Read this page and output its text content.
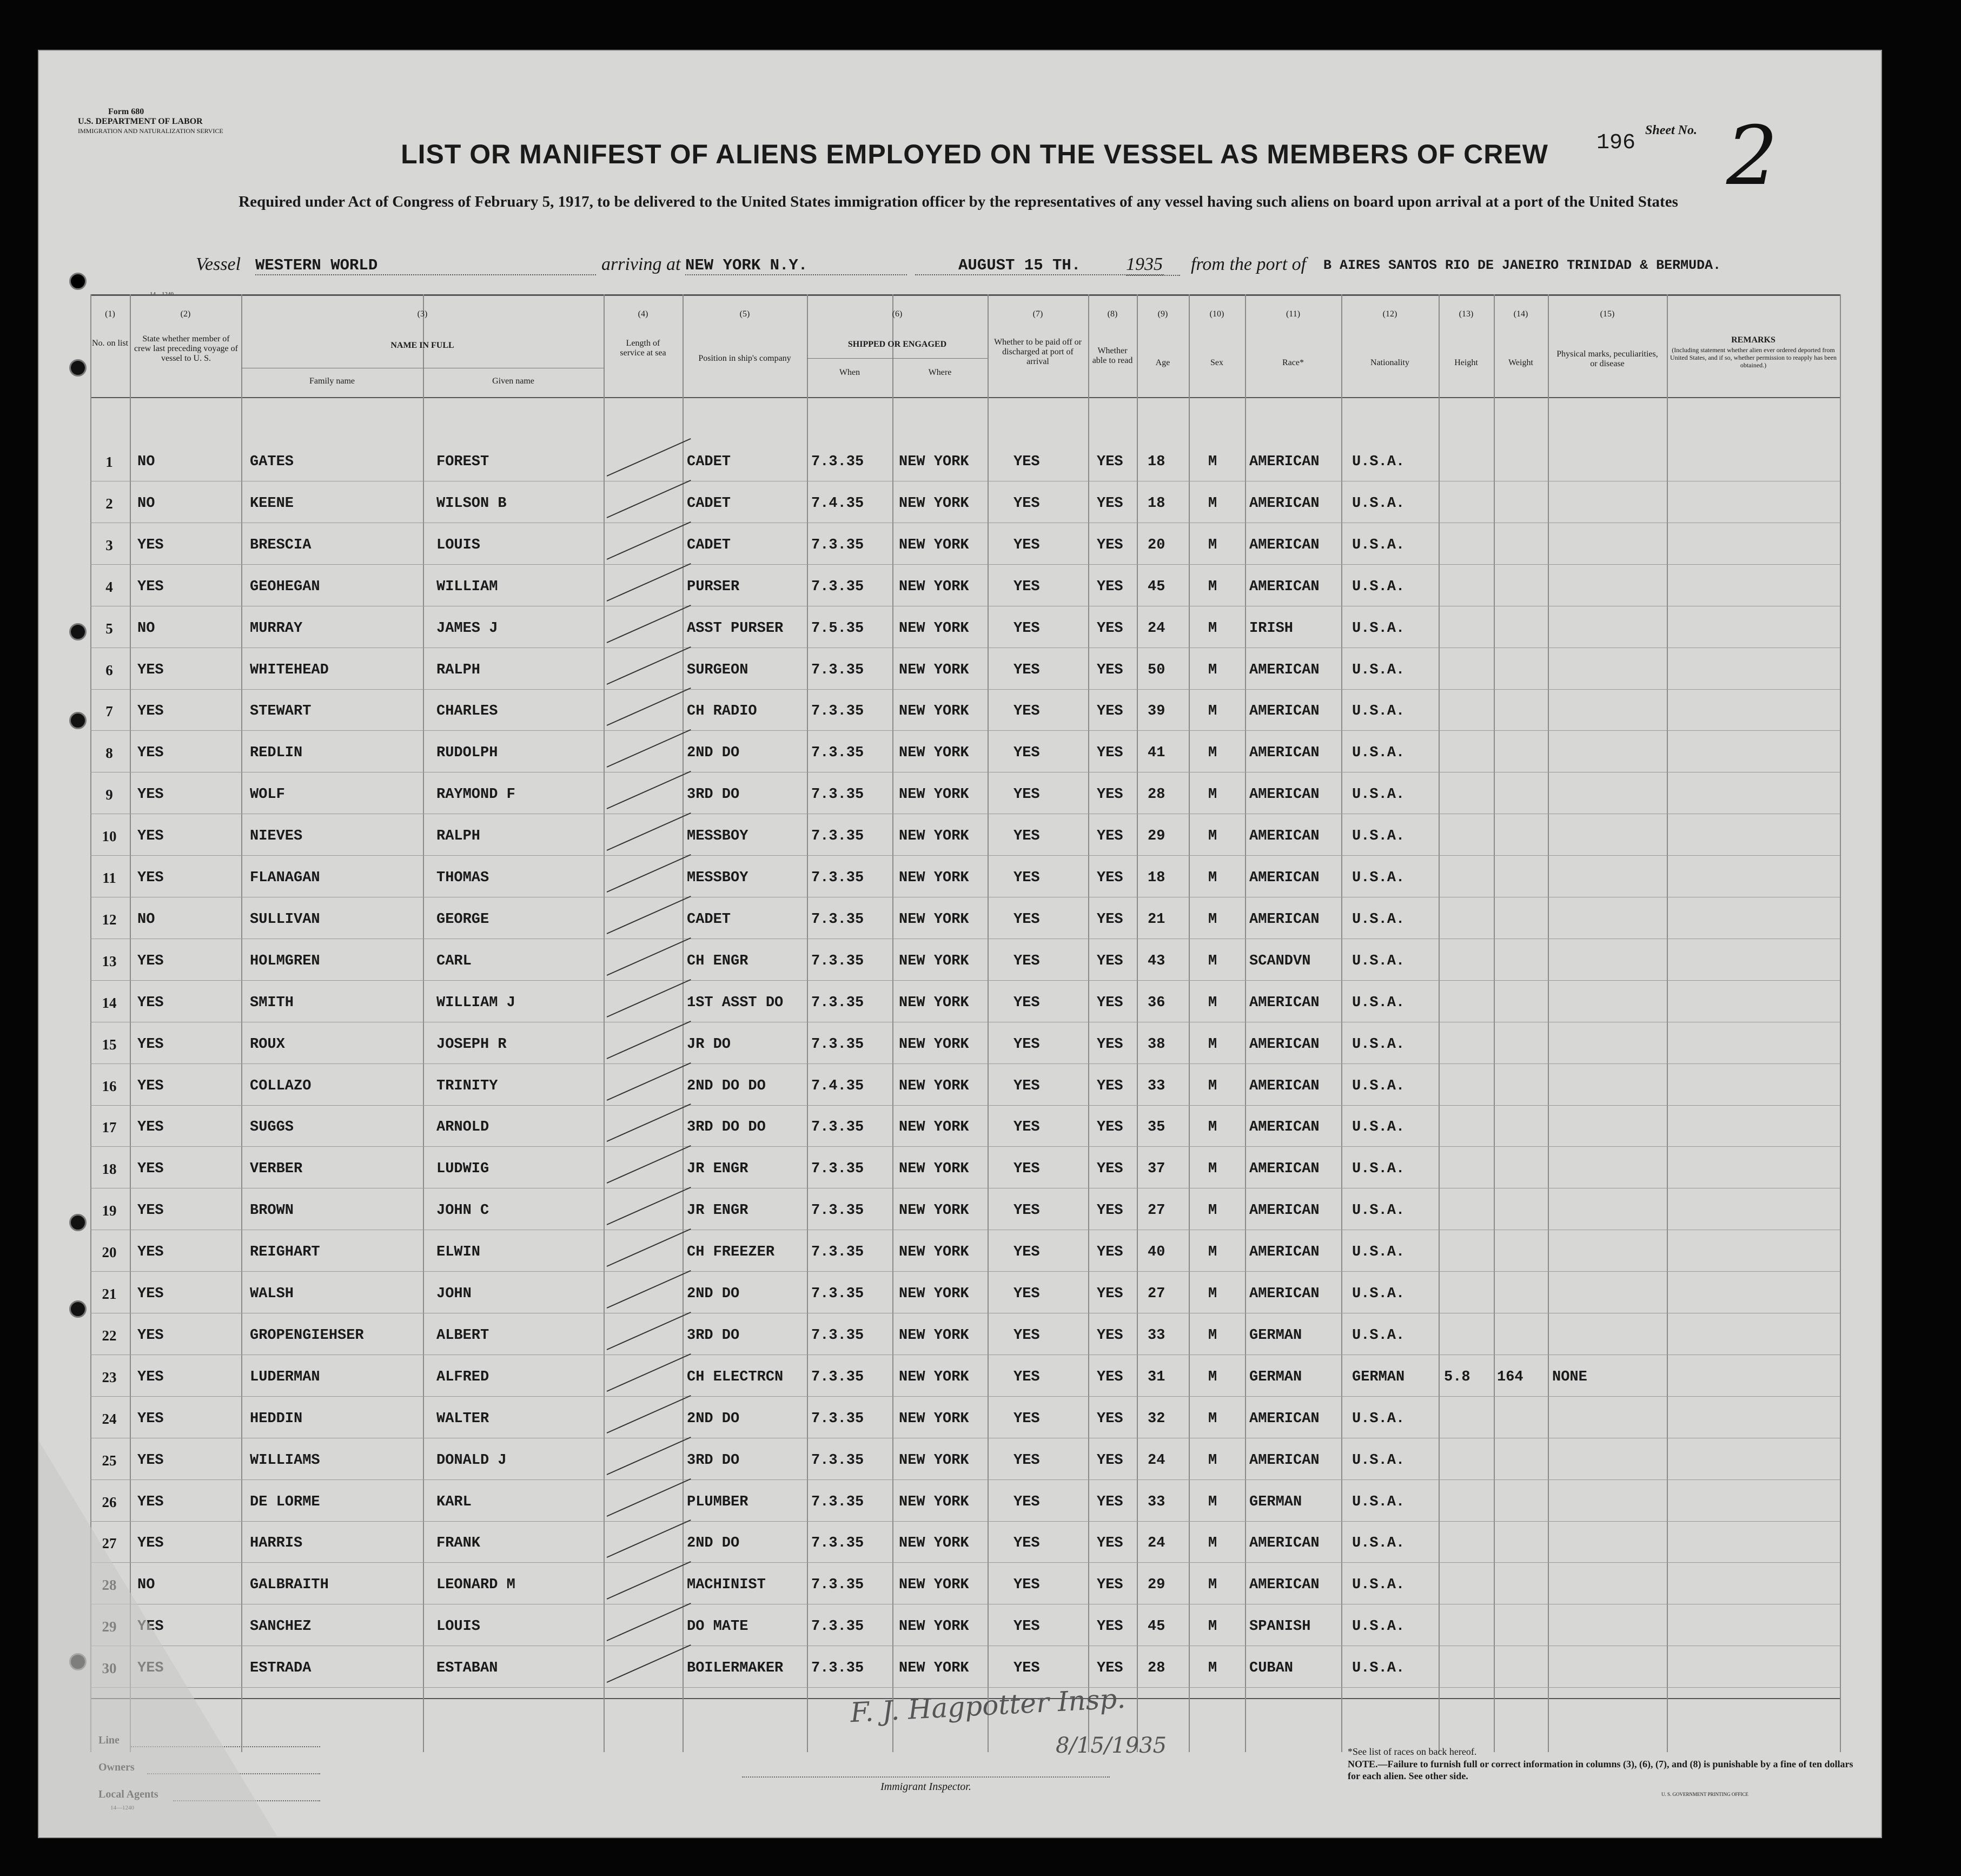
Form 680
U.S. DEPARTMENT OF LABOR
IMMIGRATION AND NATURALIZATION SERVICE	196
Sheet No. 2
LIST OR MANIFEST OF ALIENS EMPLOYED ON THE VESSEL AS MEMBERS OF CREW
Required under Act of Congress of February 5, 1917, to be delivered to the United States immigration officer by the representatives of any vessel having such aliens on board upon arrival at a port of the United States
Vessel WESTERN WORLD	arriving at NEW YORK N.Y.	AUGUST 15 TH.	1935	from the port of B AIRES SANTOS RIO DE JANEIRO TRINIDAD & BERMUDA.
14—1240
(1)
No. on list
(2)
State whether member of crew last preceding voyage of vessel to U. S.
(3)
NAME IN FULL
Family name	Given name
(4)
Length of service at sea
(5)
Position in ship's company
(6)
SHIPPED OR ENGAGED
When	Where
(7)
Whether to be paid off or discharged at port of arrival
(8)
Whether able to read
(9)
Age
(10)
Sex
(11)
Race*
(12)
Nationality
(13)
Height
(14)
Weight
(15)
Physical marks, peculiarities, or disease
REMARKS
(Including statement whether alien ever ordered deported from United States, and if so, whether permission to reapply has been obtained.)
1	NO	GATES	FOREST	CADET	7.3.35	NEW YORK	YES	YES	18	M	AMERICAN	U.S.A.
2	NO	KEENE	WILSON B	CADET	7.4.35	NEW YORK	YES	YES	18	M	AMERICAN	U.S.A.
3	YES	BRESCIA	LOUIS	CADET	7.3.35	NEW YORK	YES	YES	20	M	AMERICAN	U.S.A.
4	YES	GEOHEGAN	WILLIAM	PURSER	7.3.35	NEW YORK	YES	YES	45	M	AMERICAN	U.S.A.
5	NO	MURRAY	JAMES J	ASST PURSER	7.5.35	NEW YORK	YES	YES	24	M	IRISH	U.S.A.
6	YES	WHITEHEAD	RALPH	SURGEON	7.3.35	NEW YORK	YES	YES	50	M	AMERICAN	U.S.A.
7	YES	STEWART	CHARLES	CH RADIO	7.3.35	NEW YORK	YES	YES	39	M	AMERICAN	U.S.A.
8	YES	REDLIN	RUDOLPH	2ND DO	7.3.35	NEW YORK	YES	YES	41	M	AMERICAN	U.S.A.
9	YES	WOLF	RAYMOND F	3RD DO	7.3.35	NEW YORK	YES	YES	28	M	AMERICAN	U.S.A.
10	YES	NIEVES	RALPH	MESSBOY	7.3.35	NEW YORK	YES	YES	29	M	AMERICAN	U.S.A.
11	YES	FLANAGAN	THOMAS	MESSBOY	7.3.35	NEW YORK	YES	YES	18	M	AMERICAN	U.S.A.
12	NO	SULLIVAN	GEORGE	CADET	7.3.35	NEW YORK	YES	YES	21	M	AMERICAN	U.S.A.
13	YES	HOLMGREN	CARL	CH ENGR	7.3.35	NEW YORK	YES	YES	43	M	SCANDVN	U.S.A.
14	YES	SMITH	WILLIAM J	1ST ASST DO	7.3.35	NEW YORK	YES	YES	36	M	AMERICAN	U.S.A.
15	YES	ROUX	JOSEPH R	JR DO	7.3.35	NEW YORK	YES	YES	38	M	AMERICAN	U.S.A.
16	YES	COLLAZO	TRINITY	2ND DO DO	7.4.35	NEW YORK	YES	YES	33	M	AMERICAN	U.S.A.
17	YES	SUGGS	ARNOLD	3RD DO DO	7.3.35	NEW YORK	YES	YES	35	M	AMERICAN	U.S.A.
18	YES	VERBER	LUDWIG	JR ENGR	7.3.35	NEW YORK	YES	YES	37	M	AMERICAN	U.S.A.
19	YES	BROWN	JOHN C	JR ENGR	7.3.35	NEW YORK	YES	YES	27	M	AMERICAN	U.S.A.
20	YES	REIGHART	ELWIN	CH FREEZER	7.3.35	NEW YORK	YES	YES	40	M	AMERICAN	U.S.A.
21	YES	WALSH	JOHN	2ND DO	7.3.35	NEW YORK	YES	YES	27	M	AMERICAN	U.S.A.
22	YES	GROPENGIEHSER	ALBERT	3RD DO	7.3.35	NEW YORK	YES	YES	33	M	GERMAN	U.S.A.
23	YES	LUDERMAN	ALFRED	CH ELECTRCN	7.3.35	NEW YORK	YES	YES	31	M	GERMAN	GERMAN	5.8	164	NONE
24	YES	HEDDIN	WALTER	2ND DO	7.3.35	NEW YORK	YES	YES	32	M	AMERICAN	U.S.A.
25	YES	WILLIAMS	DONALD J	3RD DO	7.3.35	NEW YORK	YES	YES	24	M	AMERICAN	U.S.A.
26	YES	DE LORME	KARL	PLUMBER	7.3.35	NEW YORK	YES	YES	33	M	GERMAN	U.S.A.
27	YES	HARRIS	FRANK	2ND DO	7.3.35	NEW YORK	YES	YES	24	M	AMERICAN	U.S.A.
28	NO	GALBRAITH	LEONARD M	MACHINIST	7.3.35	NEW YORK	YES	YES	29	M	AMERICAN	U.S.A.
29	YES	SANCHEZ	LOUIS	DO MATE	7.3.35	NEW YORK	YES	YES	45	M	SPANISH	U.S.A.
30	YES	ESTRADA	ESTABAN	BOILERMAKER	7.3.35	NEW YORK	YES	YES	28	M	CUBAN	U.S.A.
Line
Owners
Local Agents
14—1240
Immigrant Inspector.
F. J. Hagpotter Insp.
8/15/1935	*See list of races on back hereof.
NOTE.—Failure to furnish full or correct information in columns (3), (6), (7), and (8) is punishable by a fine of ten dollars for each alien. See other side.
U. S. GOVERNMENT PRINTING OFFICE
